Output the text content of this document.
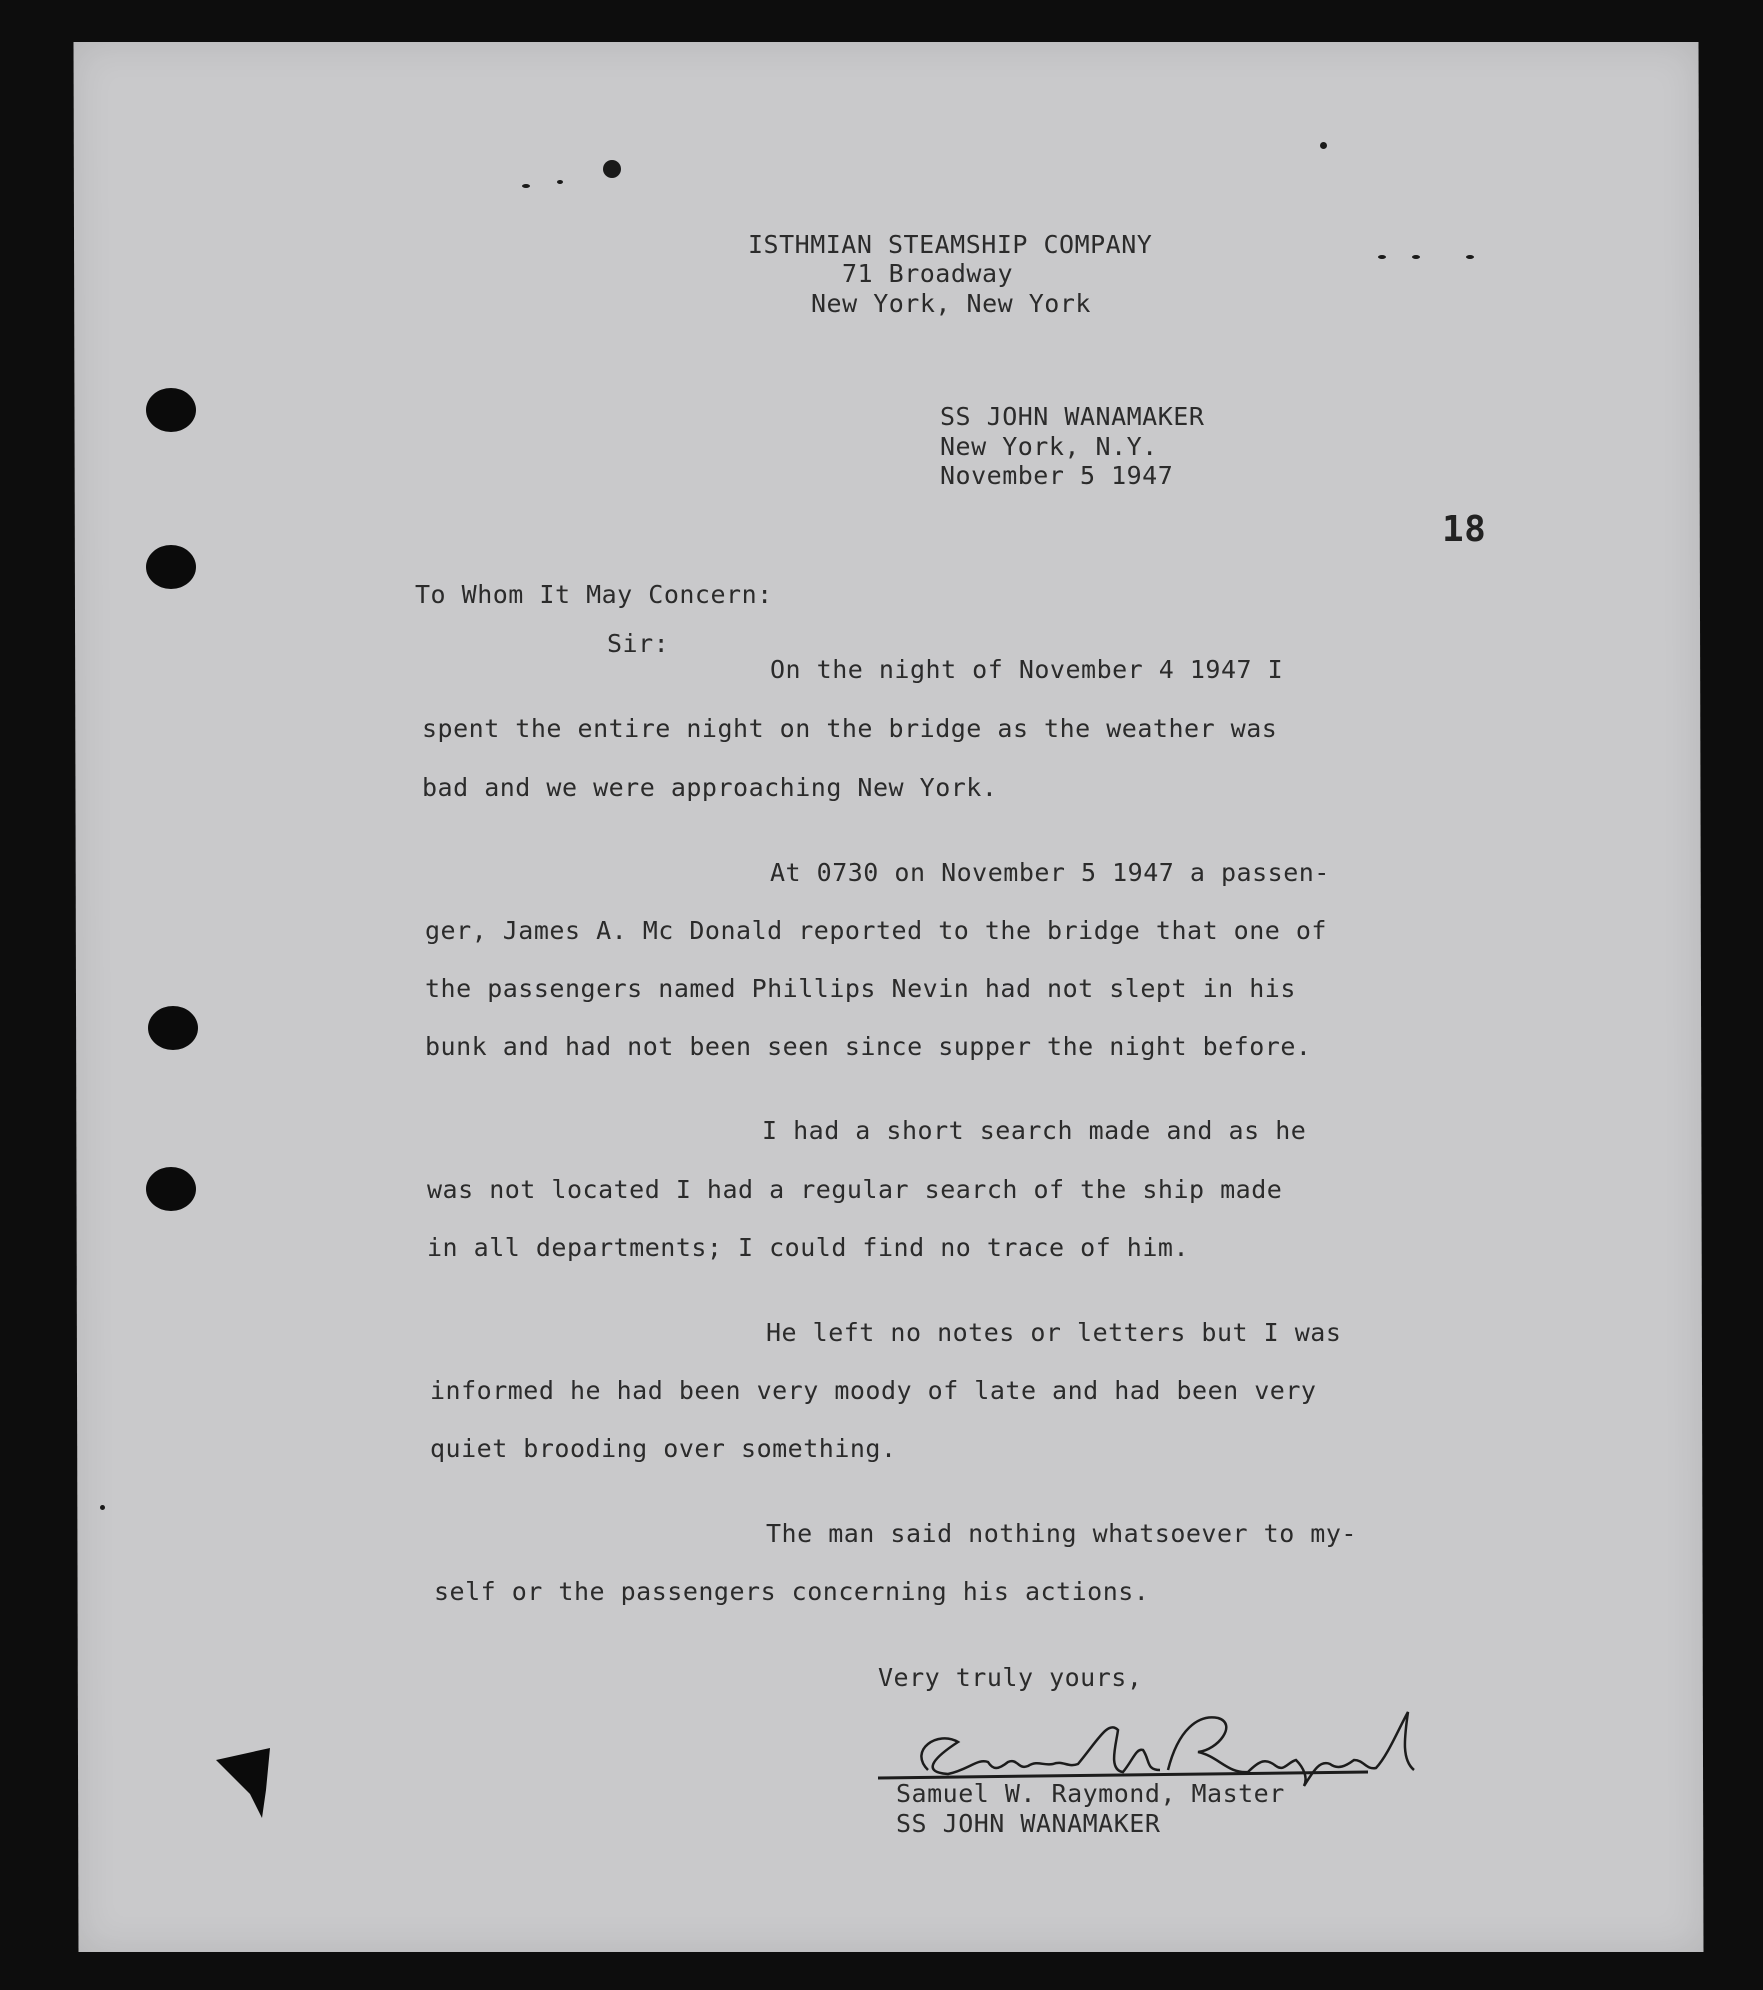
ISTHMIAN STEAMSHIP COMPANY
71 Broadway
New York, New York
SS JOHN WANAMAKER
New York, N.Y.
November 5 1947
18
To Whom It May Concern:
Sir:
On the night of November 4 1947 I
spent the entire night on the bridge as the weather was
bad and we were approaching New York.
At 0730 on November 5 1947 a passen-
ger, James A. Mc Donald reported to the bridge that one of
the passengers named Phillips Nevin had not slept in his
bunk and had not been seen since supper the night before.
I had a short search made and as he
was not located I had a regular search of the ship made
in all departments; I could find no trace of him.
He left no notes or letters but I was
informed he had been very moody of late and had been very
quiet brooding over something.
The man said nothing whatsoever to my-
self or the passengers concerning his actions.
Very truly yours,
Samuel W. Raymond, Master
SS JOHN WANAMAKER
